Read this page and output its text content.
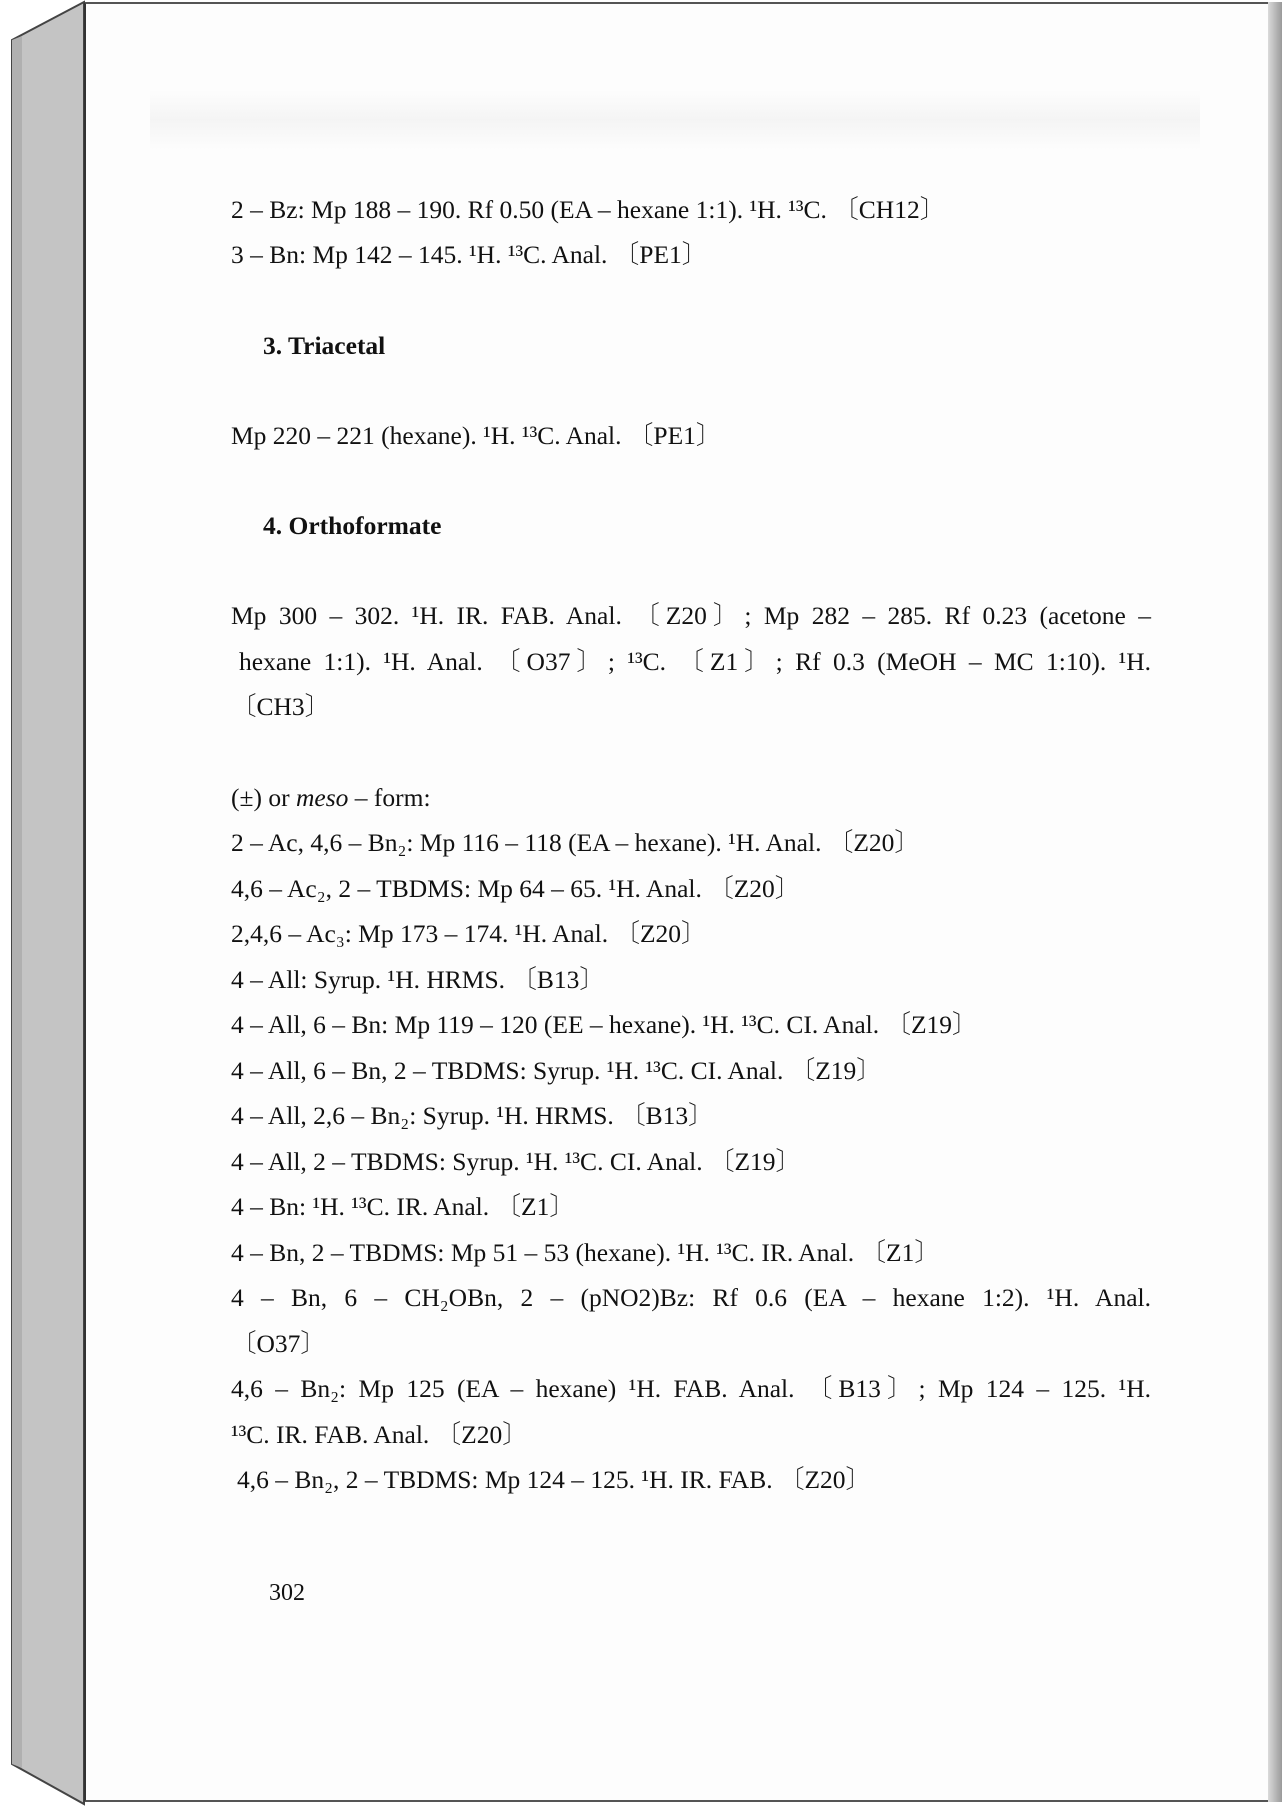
2 – Bz: Mp 188 – 190. Rf 0.50 (EA – hexane 1:1). ¹H. ¹³C. 〔CH12〕
3 – Bn: Mp 142 – 145. ¹H. ¹³C. Anal. 〔PE1〕
3. Triacetal
Mp 220 – 221 (hexane). ¹H. ¹³C. Anal. 〔PE1〕
4. Orthoformate
Mp 300 – 302. ¹H. IR. FAB. Anal. 〔Z20〕; Mp 282 – 285. Rf 0.23 (acetone –
hexane 1:1). ¹H. Anal. 〔O37〕; ¹³C. 〔Z1〕; Rf 0.3 (MeOH – MC 1:10). ¹H.
〔CH3〕
(±) or meso – form:
2 – Ac, 4,6 – Bn₂: Mp 116 – 118 (EA – hexane). ¹H. Anal. 〔Z20〕
4,6 – Ac₂, 2 – TBDMS: Mp 64 – 65. ¹H. Anal. 〔Z20〕
2,4,6 – Ac₃: Mp 173 – 174. ¹H. Anal. 〔Z20〕
4 – All: Syrup. ¹H. HRMS. 〔B13〕
4 – All, 6 – Bn: Mp 119 – 120 (EE – hexane). ¹H. ¹³C. CI. Anal. 〔Z19〕
4 – All, 6 – Bn, 2 – TBDMS: Syrup. ¹H. ¹³C. CI. Anal. 〔Z19〕
4 – All, 2,6 – Bn₂: Syrup. ¹H. HRMS. 〔B13〕
4 – All, 2 – TBDMS: Syrup. ¹H. ¹³C. CI. Anal. 〔Z19〕
4 – Bn: ¹H. ¹³C. IR. Anal. 〔Z1〕
4 – Bn, 2 – TBDMS: Mp 51 – 53 (hexane). ¹H. ¹³C. IR. Anal. 〔Z1〕
4 – Bn, 6 – CH₂OBn, 2 – (pNO2)Bz: Rf 0.6 (EA – hexane 1:2). ¹H. Anal.
〔O37〕
4,6 – Bn₂: Mp 125 (EA – hexane) ¹H. FAB. Anal. 〔B13〕; Mp 124 – 125. ¹H.
¹³C. IR. FAB. Anal. 〔Z20〕
4,6 – Bn₂, 2 – TBDMS: Mp 124 – 125. ¹H. IR. FAB. 〔Z20〕
302
